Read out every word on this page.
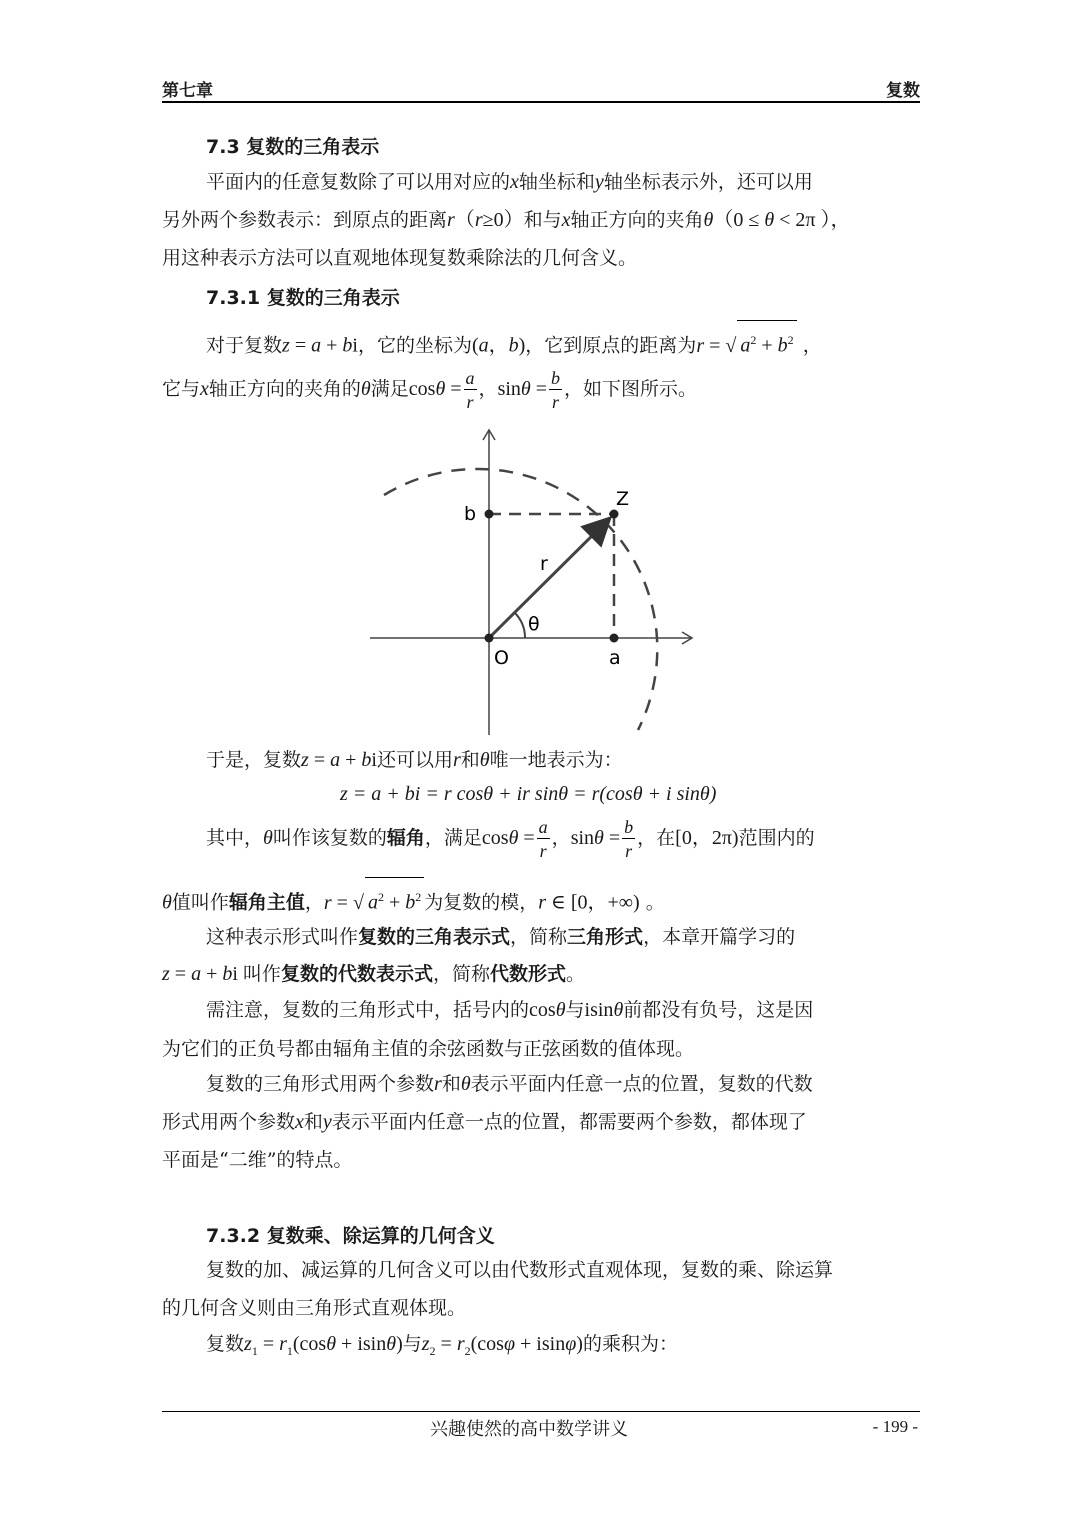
第七章	复数
7.3 复数的三角表示
平面内的任意复数除了可以用对应的x轴坐标和y轴坐标表示外，还可以用
另外两个参数表示：到原点的距离r（r≥0）和与x轴正方向的夹角θ（0 ≤ θ < 2π ），
用这种表示方法可以直观地体现复数乘除法的几何含义。
7.3.1 复数的三角表示
对于复数z = a + bi，它的坐标为(a，b)，它到原点的距离为r = √ $a^2 + b^2$ ，
它与x轴正方向的夹角的θ满足$\cos\theta = \frac{a}{r}$ ，$\sin\theta = \frac{b}{r}$ ，如下图所示。
Z
b
r
θ
O	a
于是，复数z = a + bi还可以用r和θ唯一地表示为：
z = a + bi = r cosθ + ir sinθ = r(cosθ + i sinθ)
其中，θ叫作该复数的辐角，满足$\cos\theta = \frac{a}{r}$ ，$\sin\theta = \frac{b}{r}$ ，在[0，2π)范围内的
θ值叫作辐角主值，r = √ $a^2 + b^2$ 为复数的模，r ∈ [0，+∞) 。
这种表示形式叫作复数的三角表示式，简称三角形式，本章开篇学习的
z = a + bi 叫作复数的代数表示式，简称代数形式。
需注意，复数的三角形式中，括号内的cosθ与isinθ前都没有负号，这是因
为它们的正负号都由辐角主值的余弦函数与正弦函数的值体现。
复数的三角形式用两个参数r和θ表示平面内任意一点的位置，复数的代数
形式用两个参数x和y表示平面内任意一点的位置，都需要两个参数，都体现了
平面是“二维”的特点。
7.3.2 复数乘、除运算的几何含义
复数的加、减运算的几何含义可以由代数形式直观体现，复数的乘、除运算
的几何含义则由三角形式直观体现。
复数$z_1 = r_1(\cos\theta + isin\theta)$与$z_2 = r_2(\cos\varphi + isin\varphi)$的乘积为：
兴趣使然的高中数学讲义	- 199 -
